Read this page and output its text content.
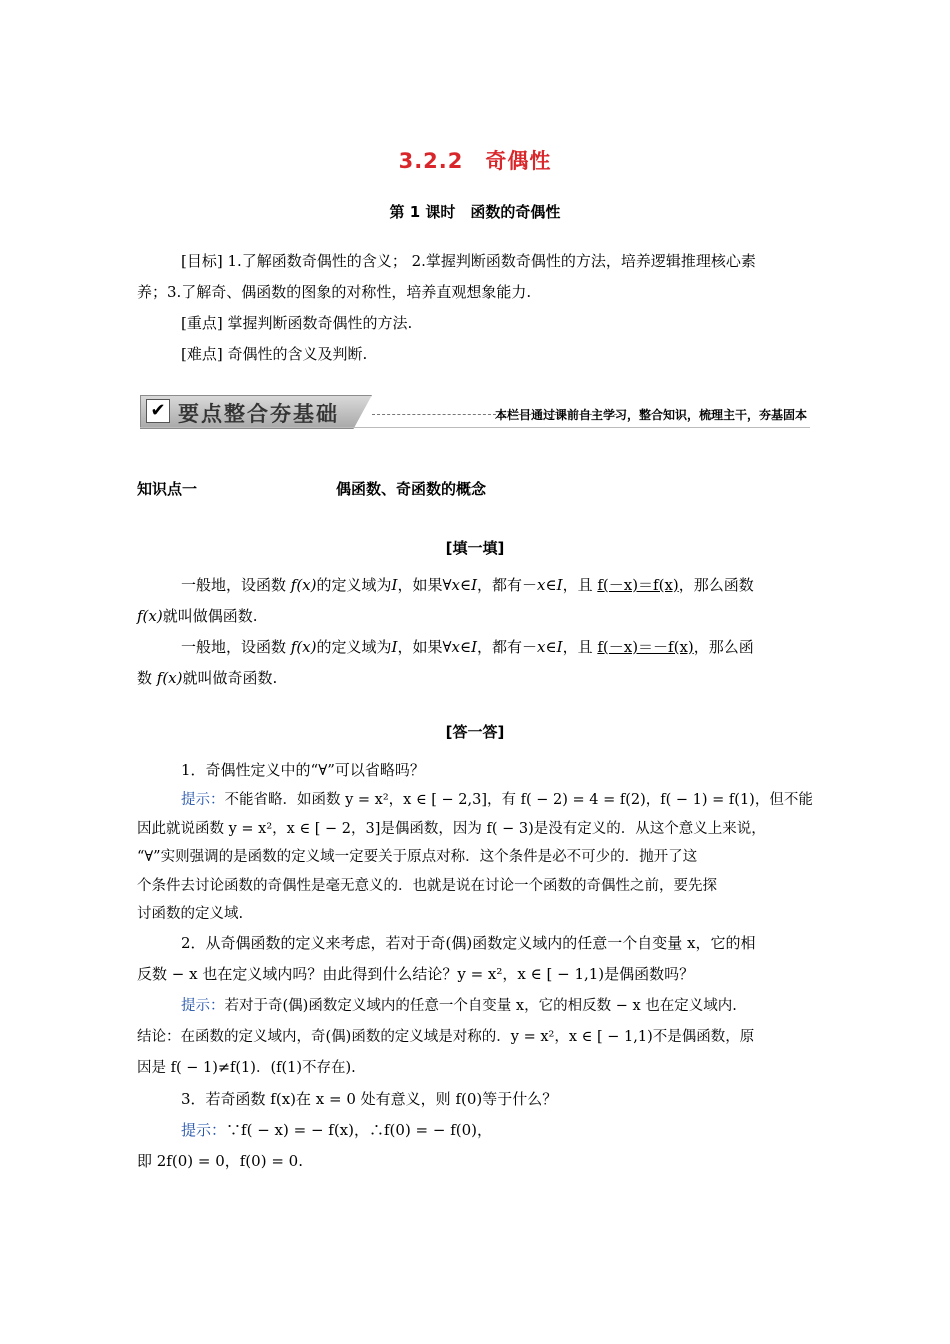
3.2.2　奇偶性
第 1 课时　函数的奇偶性
[目标] 1.了解函数奇偶性的含义； 2.掌握判断函数奇偶性的方法，培养逻辑推理核心素
养；3.了解奇、偶函数的图象的对称性，培养直观想象能力.
[重点] 掌握判断函数奇偶性的方法.
[难点] 奇偶性的含义及判断.
✔ 要点整合夯基础	本栏目通过课前自主学习，整合知识，梳理主干，夯基固本
知识点一	偶函数、奇函数的概念
[填一填]
一般地，设函数 f(x)的定义域为I，如果∀x∈I，都有－x∈I，且 f(－x)＝f(x)，那么函数
f(x)就叫做偶函数.
一般地，设函数 f(x)的定义域为I，如果∀x∈I，都有－x∈I，且 f(－x)＝－f(x)，那么函
数 f(x)就叫做奇函数.
[答一答]
1．奇偶性定义中的“∀”可以省略吗？
提示：不能省略．如函数 y = x²，x ∈ [ − 2,3]，有 f( − 2) = 4 = f(2)，f( − 1) = f(1)，但不能
因此就说函数 y = x²，x ∈ [ − 2，3]是偶函数，因为 f( − 3)是没有定义的．从这个意义上来说，
“∀”实则强调的是函数的定义域一定要关于原点对称．这个条件是必不可少的．抛开了这
个条件去讨论函数的奇偶性是毫无意义的．也就是说在讨论一个函数的奇偶性之前，要先探
讨函数的定义域.
2．从奇偶函数的定义来考虑，若对于奇(偶)函数定义域内的任意一个自变量 x，它的相
反数 − x 也在定义域内吗？由此得到什么结论？y = x²，x ∈ [ − 1,1)是偶函数吗？
提示：若对于奇(偶)函数定义域内的任意一个自变量 x，它的相反数 − x 也在定义域内.
结论：在函数的定义域内，奇(偶)函数的定义域是对称的．y = x²，x ∈ [ − 1,1)不是偶函数，原
因是 f( − 1)≠f(1)．(f(1)不存在).
3．若奇函数 f(x)在 x = 0 处有意义，则 f(0)等于什么？
提示：∵f( − x) = − f(x)，∴f(0) = − f(0)，
即 2f(0) = 0，f(0) = 0.
